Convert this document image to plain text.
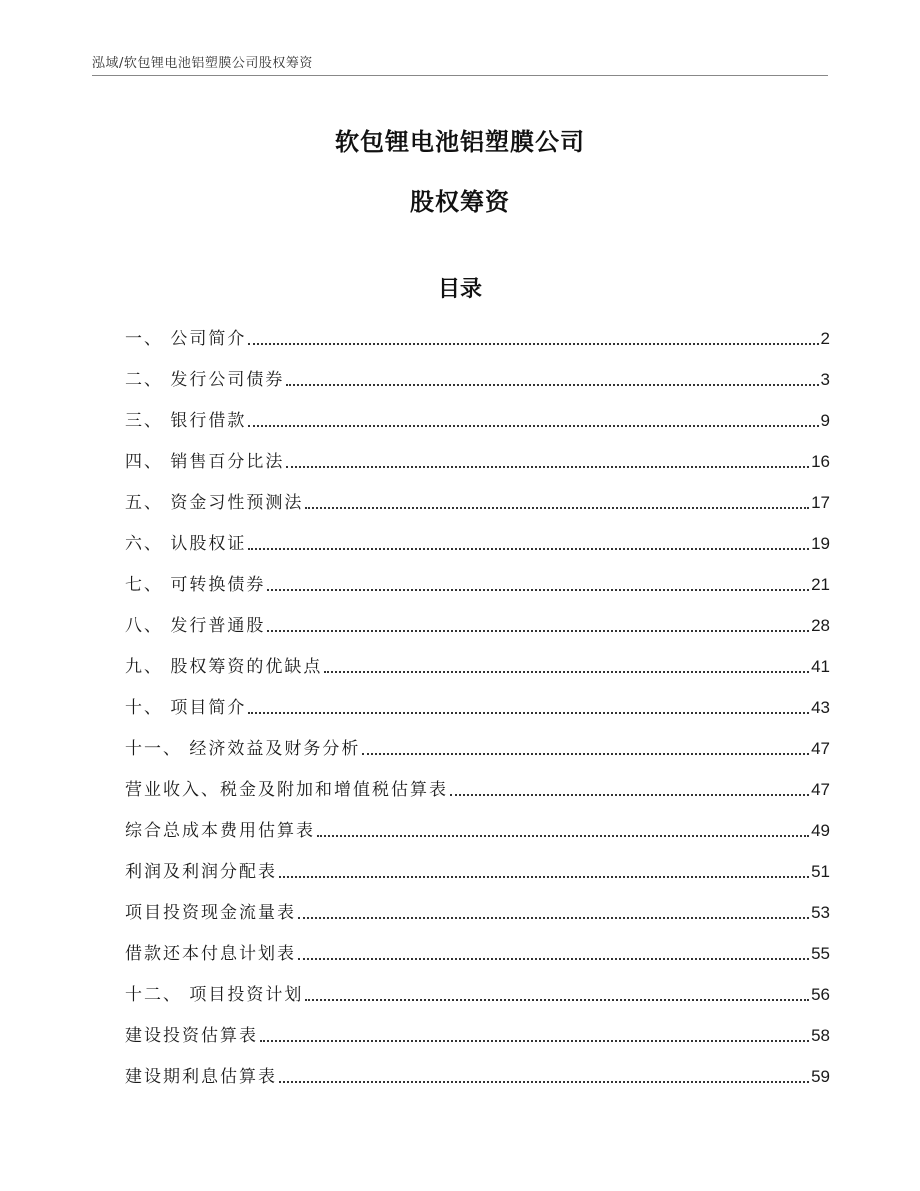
泓域/软包锂电池铝塑膜公司股权筹资
软包锂电池铝塑膜公司
股权筹资
目录
一、 公司简介	2
二、 发行公司债券	3
三、 银行借款	9
四、 销售百分比法	16
五、 资金习性预测法	17
六、 认股权证	19
七、 可转换债券	21
八、 发行普通股	28
九、 股权筹资的优缺点	41
十、 项目简介	43
十一、 经济效益及财务分析	47
营业收入、税金及附加和增值税估算表	47
综合总成本费用估算表	49
利润及利润分配表	51
项目投资现金流量表	53
借款还本付息计划表	55
十二、 项目投资计划	56
建设投资估算表	58
建设期利息估算表	59
